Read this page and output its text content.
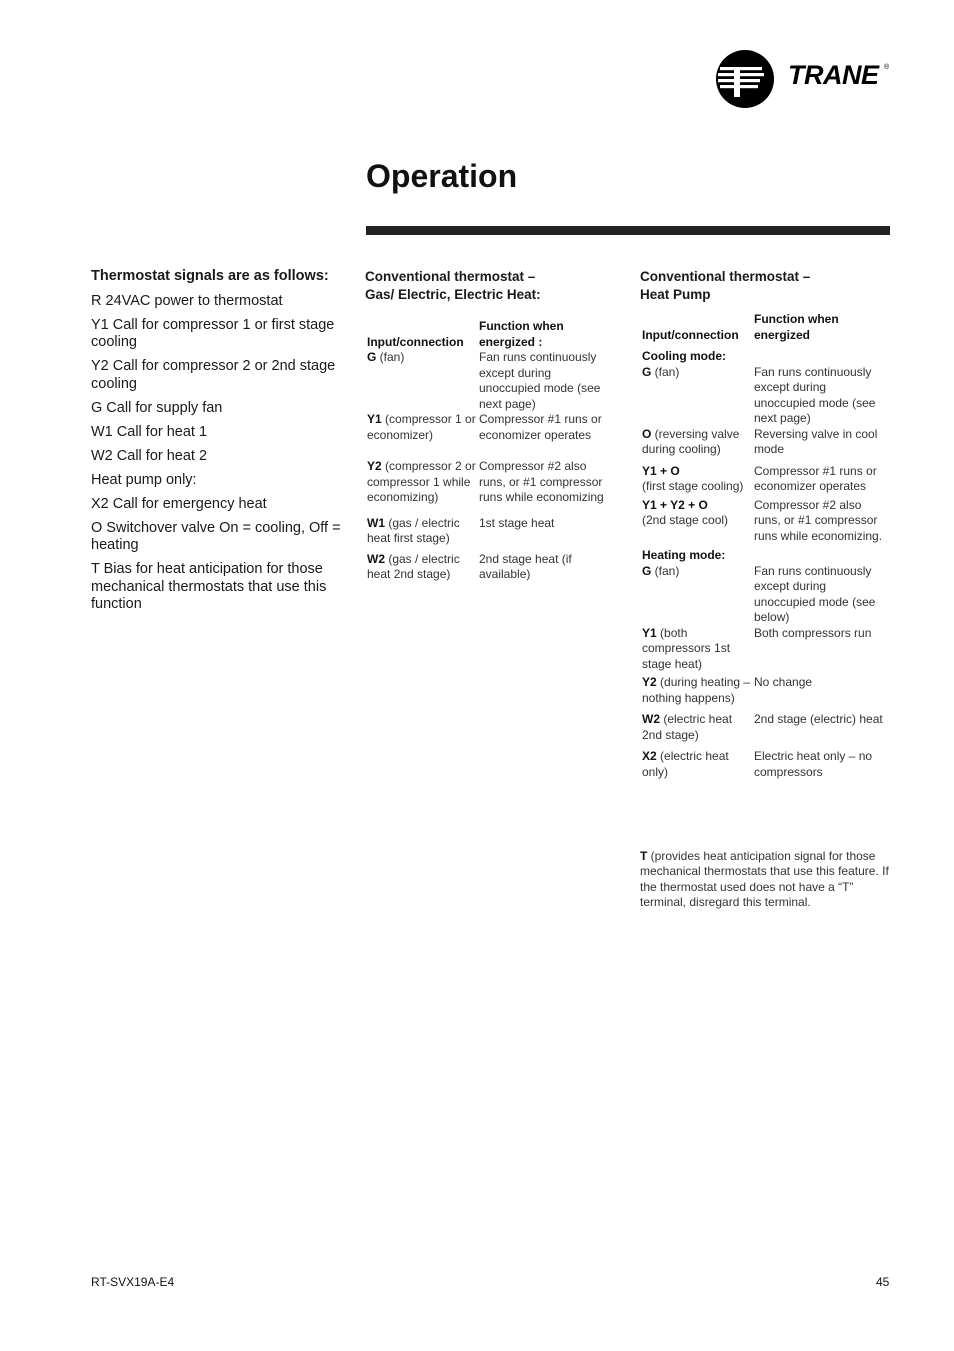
TRANE ®
Operation
Thermostat signals are as follows:
R 24VAC power to thermostat
Y1 Call for compressor 1 or first stage cooling
Y2 Call for compressor 2 or 2nd stage cooling
G Call for supply fan
W1 Call for heat 1
W2 Call for heat 2
Heat pump only:
X2 Call for emergency heat
O Switchover valve On = cooling, Off = heating
T Bias for heat anticipation for those mechanical thermostats that use this function
Conventional thermostat –
Gas/ Electric, Electric Heat:
Input/connection	Function when
energized :
G (fan)	Fan runs continuously except during unoccupied mode (see next page)
Y1 (compressor 1 or economizer)	Compressor #1 runs or economizer operates
Y2 (compressor 2 or compressor 1 while economizing)	Compressor #2 also runs, or #1 compressor runs while economizing
W1 (gas / electric heat first stage)	1st stage heat
W2 (gas / electric heat 2nd stage)	2nd stage heat (if available)
Conventional thermostat –
Heat Pump
Input/connection	Function when
energized
Cooling mode:	
G (fan)	Fan runs continuously except during unoccupied mode (see next page)
O (reversing valve during cooling)	Reversing valve in cool mode
Y1 + O
(first stage cooling)	Compressor #1 runs or economizer operates
Y1 + Y2 + O
(2nd stage cool)	Compressor #2 also runs, or #1 compressor runs while economizing.
Heating mode:	
G (fan)	Fan runs continuously except during unoccupied mode (see below)
Y1 (both compressors 1st stage heat)	Both compressors run
Y2 (during heating – nothing happens)	No change
W2 (electric heat 2nd stage)	2nd stage (electric) heat
X2 (electric heat only)	Electric heat only – no compressors
T (provides heat anticipation signal for those mechanical thermostats that use this feature. If the thermostat used does not have a “T” terminal, disregard this terminal.
RT-SVX19A-E4	45
